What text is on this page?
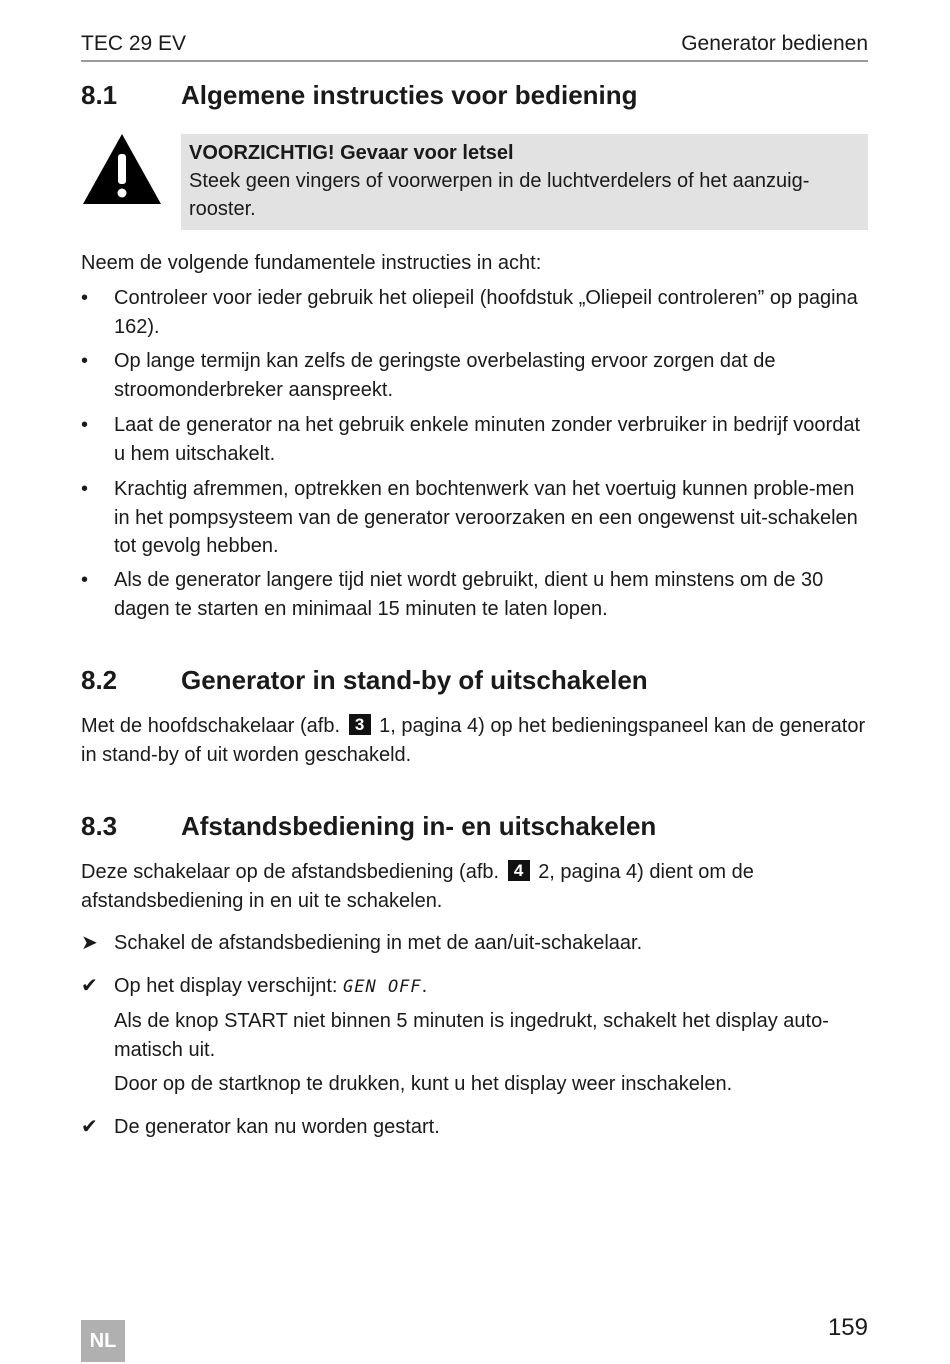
TEC 29 EV	Generator bedienen
8.1 Algemene instructies voor bediening
VOORZICHTIG! Gevaar voor letsel
Steek geen vingers of voorwerpen in de luchtverdelers of het aanzuig-
rooster.

Neem de volgende fundamentele instructies in acht:

•	Controleer voor ieder gebruik het oliepeil (hoofdstuk „Oliepeil controleren” op pagina 162).
•	Op lange termijn kan zelfs de geringste overbelasting ervoor zorgen dat de stroomonderbreker aanspreekt.
•	Laat de generator na het gebruik enkele minuten zonder verbruiker in bedrijf voordat u hem uitschakelt.
•	Krachtig afremmen, optrekken en bochtenwerk van het voertuig kunnen proble-men in het pompsysteem van de generator veroorzaken en een ongewenst uit-schakelen tot gevolg hebben.
•	Als de generator langere tijd niet wordt gebruikt, dient u hem minstens om de 30 dagen te starten en minimaal 15 minuten te laten lopen.
8.2 Generator in stand-by of uitschakelen

Met de hoofdschakelaar (afb. 3 1, pagina 4) op het bedieningspaneel kan de generator in stand-by of uit worden geschakeld.

8.3 Afstandsbediening in- en uitschakelen

Deze schakelaar op de afstandsbediening (afb. 4 2, pagina 4) dient om de afstandsbediening in en uit te schakelen.

➤ Schakel de afstandsbediening in met de aan/uit-schakelaar.
✔ Op het display verschijnt: GEN OFF.
Als de knop START niet binnen 5 minuten is ingedrukt, schakelt het display auto-matisch uit.
Door op de startknop te drukken, kunt u het display weer inschakelen.
✔ De generator kan nu worden gestart.
NL	159
